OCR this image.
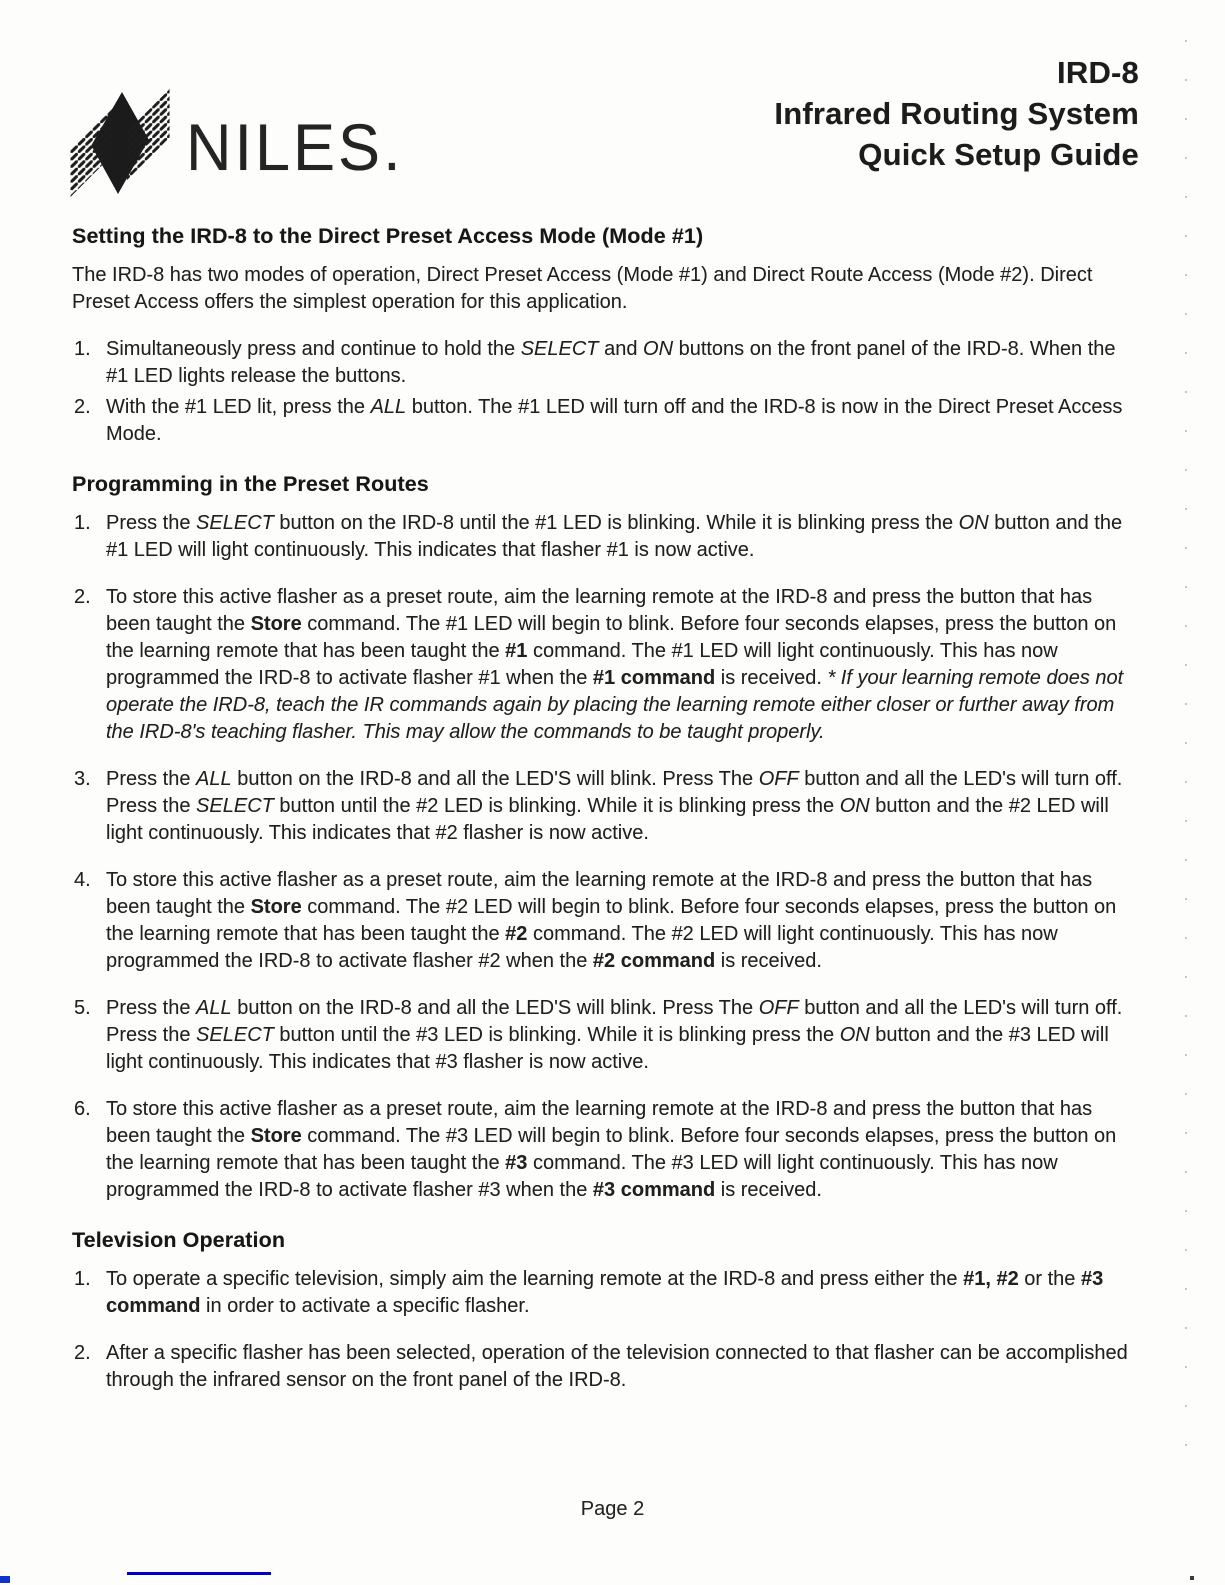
NILES.
IRD-8
Infrared Routing System
Quick Setup Guide
Setting the IRD-8 to the Direct Preset Access Mode (Mode #1)

The IRD-8 has two modes of operation, Direct Preset Access (Mode #1) and Direct Route Access (Mode #2). Direct Preset Access offers the simplest operation for this application.

1. Simultaneously press and continue to hold the SELECT and ON buttons on the front panel of the IRD-8. When the #1 LED lights release the buttons.
2. With the #1 LED lit, press the ALL button. The #1 LED will turn off and the IRD-8 is now in the Direct Preset Access Mode.
Programming in the Preset Routes
1. Press the SELECT button on the IRD-8 until the #1 LED is blinking. While it is blinking press the ON button and the #1 LED will light continuously. This indicates that flasher #1 is now active.
2. To store this active flasher as a preset route, aim the learning remote at the IRD-8 and press the button that has been taught the Store command. The #1 LED will begin to blink. Before four seconds elapses, press the button on the learning remote that has been taught the #1 command. The #1 LED will light continuously. This has now programmed the IRD-8 to activate flasher #1 when the #1 command is received. * If your learning remote does not operate the IRD-8, teach the IR commands again by placing the learning remote either closer or further away from the IRD-8's teaching flasher. This may allow the commands to be taught properly.
3. Press the ALL button on the IRD-8 and all the LED'S will blink. Press The OFF button and all the LED's will turn off. Press the SELECT button until the #2 LED is blinking. While it is blinking press the ON button and the #2 LED will light continuously. This indicates that #2 flasher is now active.
4. To store this active flasher as a preset route, aim the learning remote at the IRD-8 and press the button that has been taught the Store command. The #2 LED will begin to blink. Before four seconds elapses, press the button on the learning remote that has been taught the #2 command. The #2 LED will light continuously. This has now programmed the IRD-8 to activate flasher #2 when the #2 command is received.
5. Press the ALL button on the IRD-8 and all the LED'S will blink. Press The OFF button and all the LED's will turn off. Press the SELECT button until the #3 LED is blinking. While it is blinking press the ON button and the #3 LED will light continuously. This indicates that #3 flasher is now active.
6. To store this active flasher as a preset route, aim the learning remote at the IRD-8 and press the button that has been taught the Store command. The #3 LED will begin to blink. Before four seconds elapses, press the button on the learning remote that has been taught the #3 command. The #3 LED will light continuously. This has now programmed the IRD-8 to activate flasher #3 when the #3 command is received.
Television Operation
1. To operate a specific television, simply aim the learning remote at the IRD-8 and press either the #1, #2 or the #3 command in order to activate a specific flasher.
2. After a specific flasher has been selected, operation of the television connected to that flasher can be accomplished through the infrared sensor on the front panel of the IRD-8.
Page 2
